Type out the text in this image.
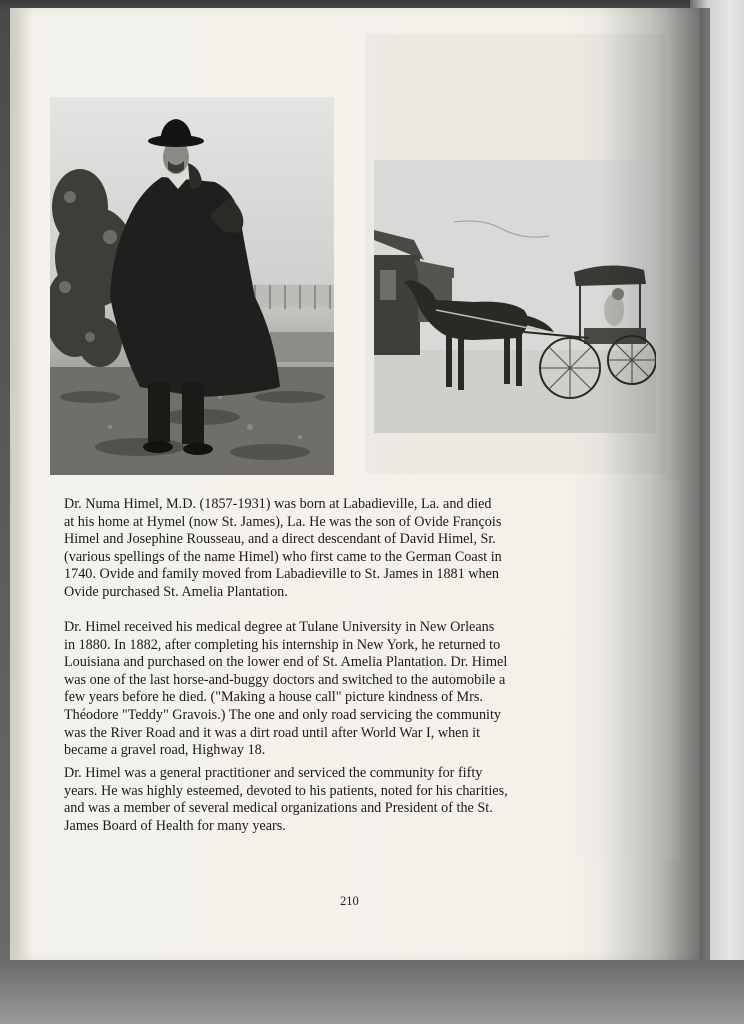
Dr. Numa Himel, M.D. (1857-1931) was born at Labadieville, La. and died
at his home at Hymel (now St. James), La. He was the son of Ovide François
Himel and Josephine Rousseau, and a direct descendant of David Himel, Sr.
(various spellings of the name Himel) who first came to the German Coast in
1740. Ovide and family moved from Labadieville to St. James in 1881 when
Ovide purchased St. Amelia Plantation.
Dr. Himel received his medical degree at Tulane University in New Orleans
in 1880. In 1882, after completing his internship in New York, he returned to
Louisiana and purchased on the lower end of St. Amelia Plantation. Dr. Himel
was one of the last horse-and-buggy doctors and switched to the automobile a
few years before he died. ("Making a house call" picture kindness of Mrs.
Théodore "Teddy" Gravois.) The one and only road servicing the community
was the River Road and it was a dirt road until after World War I, when it
became a gravel road, Highway 18.
Dr. Himel was a general practitioner and serviced the community for fifty
years. He was highly esteemed, devoted to his patients, noted for his charities,
and was a member of several medical organizations and President of the St.
James Board of Health for many years.
210
